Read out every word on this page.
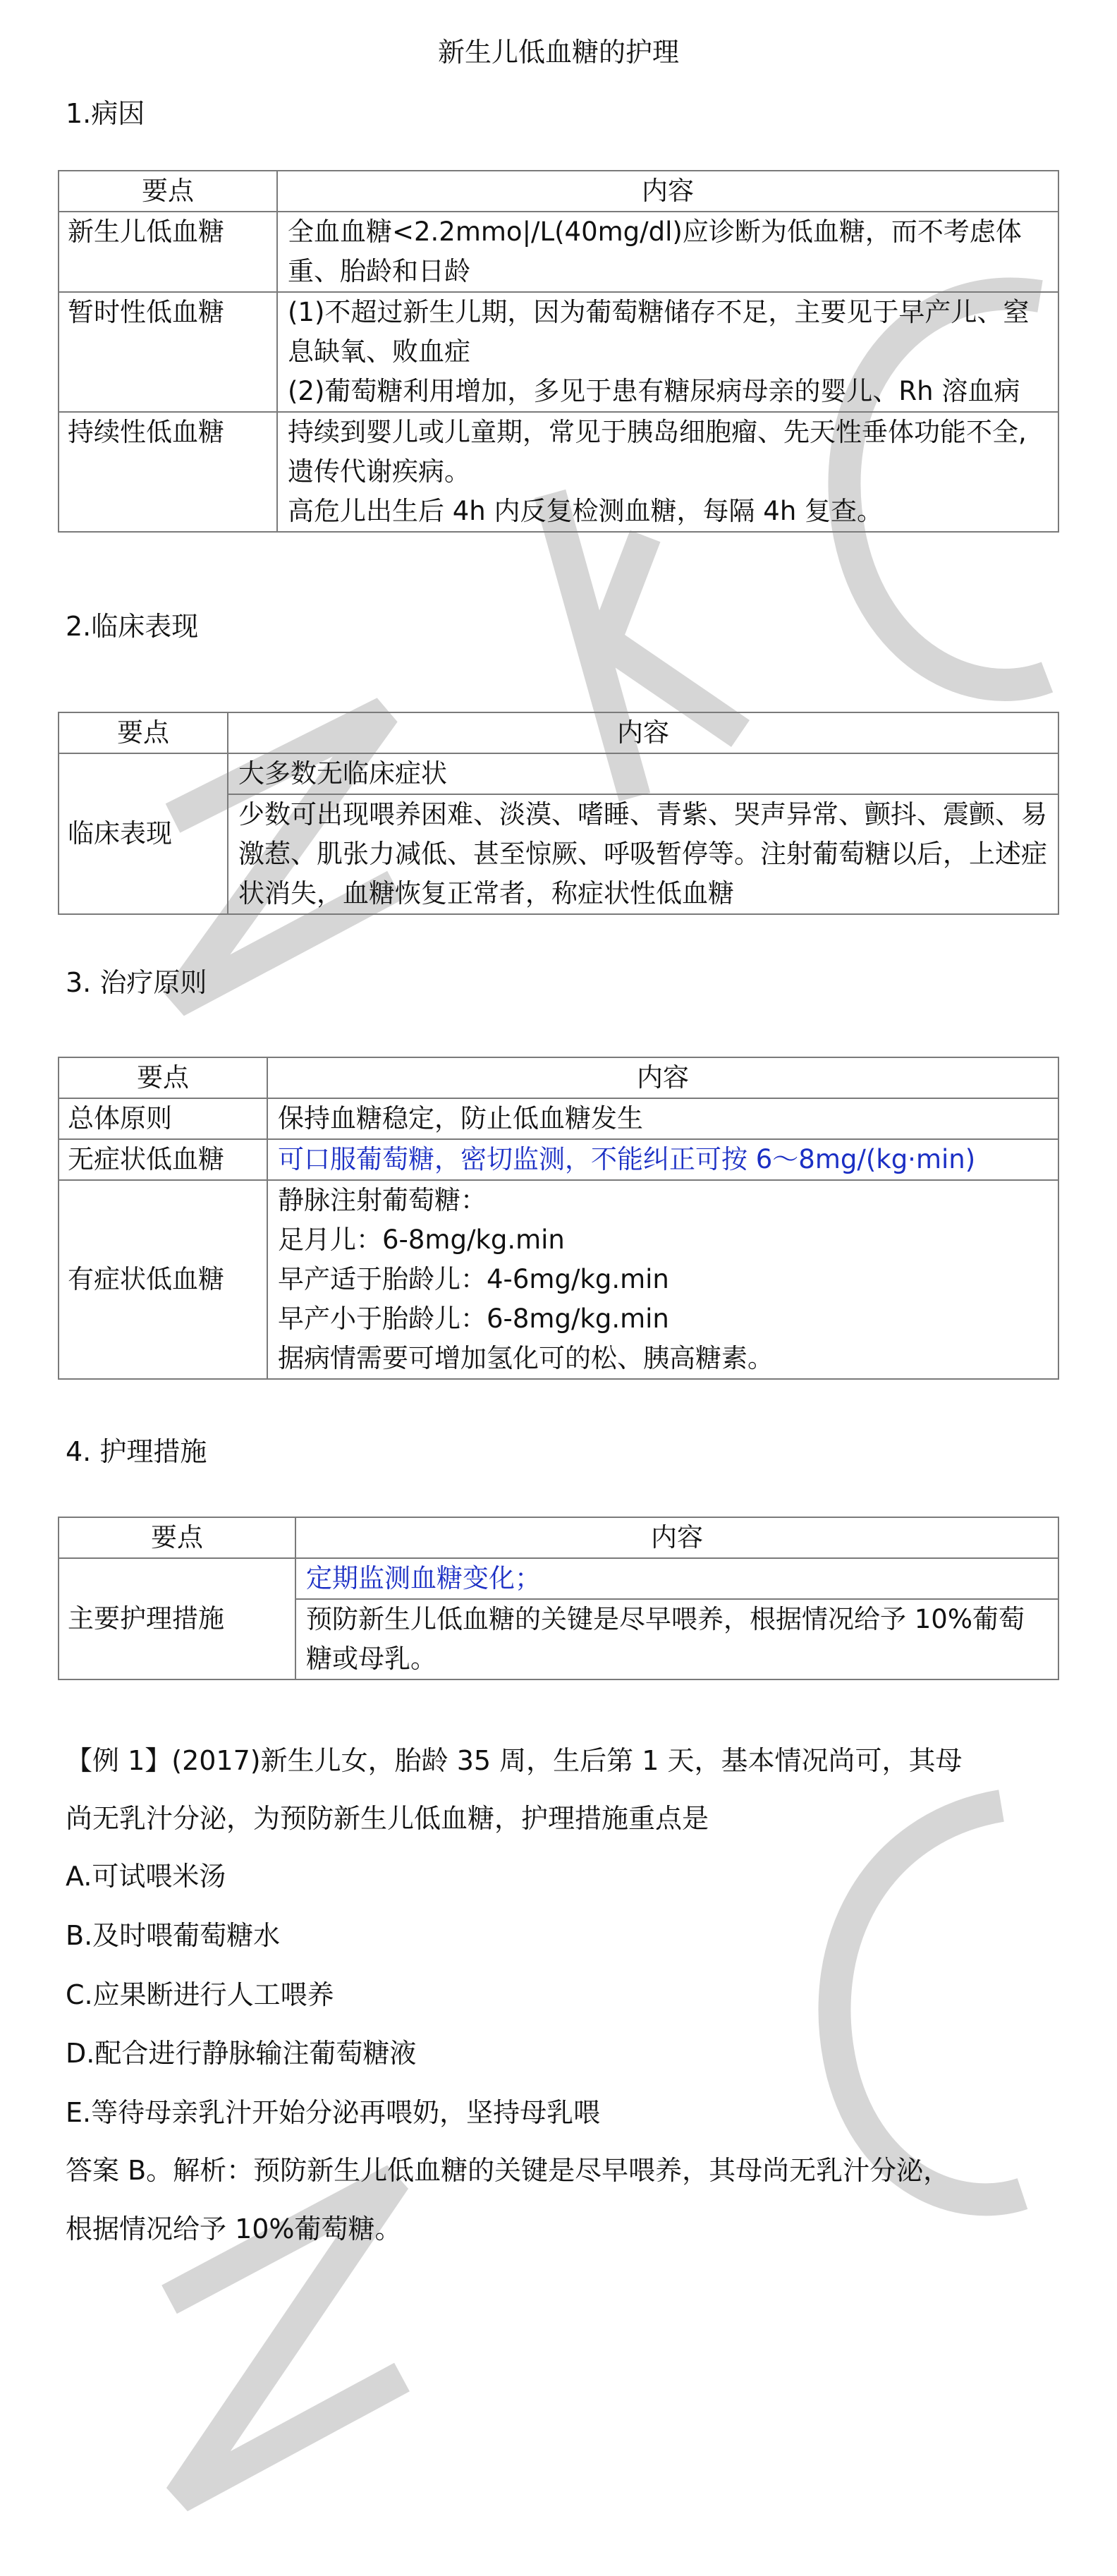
新生儿低血糖的护理
1.病因
要点	内容
新生儿低血糖	全血血糖<2.2mmo|/L(40mg/dl)应诊断为低血糖，而不考虑体重、胎龄和日龄

暂时性低血糖	(1)不超过新生儿期，因为葡萄糖储存不足，主要见于早产儿、窒息缺氧、败血症
(2)葡萄糖利用增加，多见于患有糖尿病母亲的婴儿、Rh 溶血病

持续性低血糖	持续到婴儿或儿童期，常见于胰岛细胞瘤、先天性垂体功能不全,遗传代谢疾病。
高危儿出生后 4h 内反复检测血糖，每隔 4h 复查。
2.临床表现
要点	内容
临床表现	大多数无临床症状
	少数可出现喂养困难、淡漠、嗜睡、青紫、哭声异常、颤抖、震颤、易激惹、肌张力减低、甚至惊厥、呼吸暂停等。注射葡萄糖以后，上述症状消失，血糖恢复正常者，称症状性低血糖
3. 治疗原则
要点	内容
总体原则	保持血糖稳定，防止低血糖发生
无症状低血糖	可口服葡萄糖，密切监测，不能纠正可按 6～8mg/(kg·min)
有症状低血糖	静脉注射葡萄糖：
足月儿：6-8mg/kg.min
早产适于胎龄儿：4-6mg/kg.min
早产小于胎龄儿：6-8mg/kg.min
据病情需要可增加氢化可的松、胰高糖素。
4. 护理措施
要点	内容
主要护理措施	定期监测血糖变化；
	预防新生儿低血糖的关键是尽早喂养，根据情况给予 10%葡萄糖或母乳。

【例 1】(2017)新生儿女，胎龄 35 周，生后第 1 天，基本情况尚可，其母

尚无乳汁分泌，为预防新生儿低血糖，护理措施重点是

A.可试喂米汤

B.及时喂葡萄糖水

C.应果断进行人工喂养

D.配合进行静脉输注葡萄糖液

E.等待母亲乳汁开始分泌再喂奶，坚持母乳喂

答案 B。解析：预防新生儿低血糖的关键是尽早喂养，其母尚无乳汁分泌，

根据情况给予 10%葡萄糖。
